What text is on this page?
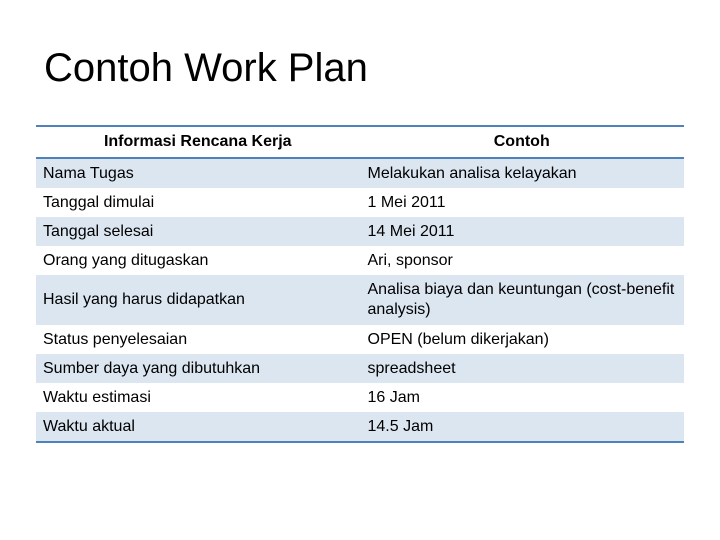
Contoh Work Plan
Informasi Rencana Kerja	Contoh
Nama Tugas	Melakukan analisa kelayakan
Tanggal dimulai	1 Mei 2011
Tanggal selesai	14 Mei 2011
Orang yang ditugaskan	Ari, sponsor
Hasil yang harus didapatkan	Analisa biaya dan keuntungan (cost-benefit analysis)
Status penyelesaian	OPEN (belum dikerjakan)
Sumber daya yang dibutuhkan	spreadsheet
Waktu estimasi	16 Jam
Waktu aktual	14.5 Jam
